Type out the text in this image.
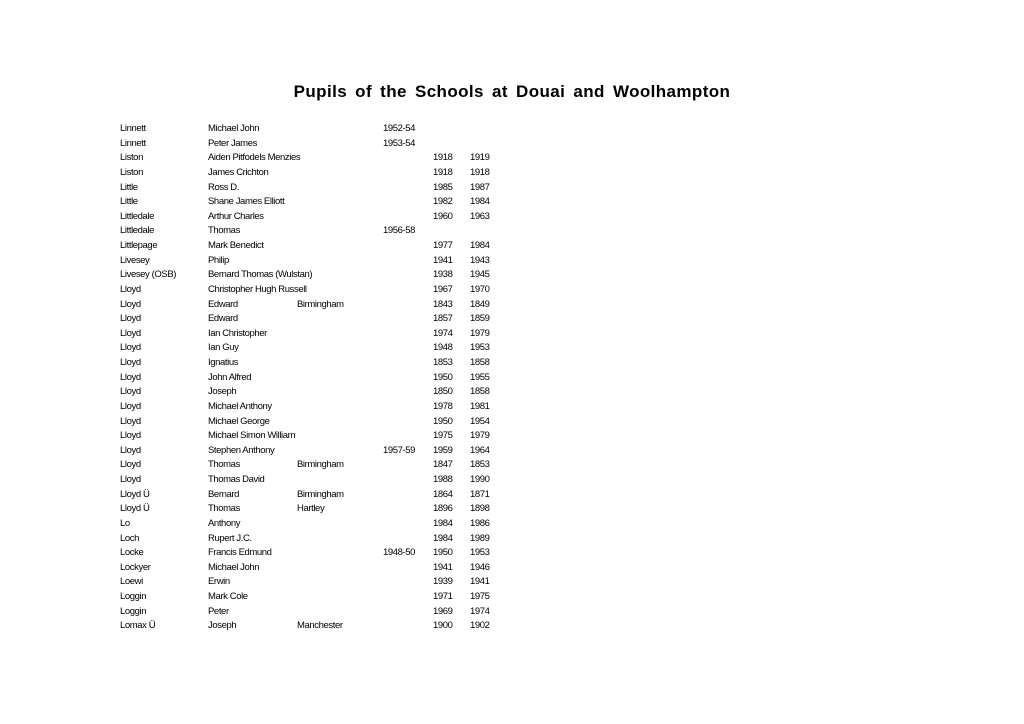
Pupils of the Schools at Douai and Woolhampton
Linnett	Michael John	1952-54
Linnett	Peter James	1953-54
Liston	Aiden Pitfodels Menzies	1918 1919
Liston	James Crichton	1918 1918
Little	Ross D.	1985 1987
Little	Shane James Elliott	1982 1984
Littledale	Arthur Charles	1960 1963
Littledale	Thomas	1956-58
Littlepage	Mark Benedict	1977 1984
Livesey	Philip	1941 1943
Livesey (OSB)	Bernard Thomas (Wulstan)	1938 1945
Lloyd	Christopher Hugh Russell	1967 1970
Lloyd	Edward	Birmingham	1843 1849
Lloyd	Edward	1857 1859
Lloyd	Ian Christopher	1974 1979
Lloyd	Ian Guy	1948 1953
Lloyd	Ignatius	1853 1858
Lloyd	John Alfred	1950 1955
Lloyd	Joseph	1850 1858
Lloyd	Michael Anthony	1978 1981
Lloyd	Michael George	1950 1954
Lloyd	Michael Simon William	1975 1979
Lloyd	Stephen Anthony	1957-59 1959 1964
Lloyd	Thomas	Birmingham	1847 1853
Lloyd	Thomas David	1988 1990
Lloyd Ü	Bernard	Birmingham	1864 1871
Lloyd Ü	Thomas	Hartley	1896 1898
Lo	Anthony	1984 1986
Loch	Rupert J.C.	1984 1989
Locke	Francis Edmund	1948-50 1950 1953
Lockyer	Michael John	1941 1946
Loewi	Erwin	1939 1941
Loggin	Mark Cole	1971 1975
Loggin	Peter	1969 1974
Lomax Ü	Joseph	Manchester	1900 1902
